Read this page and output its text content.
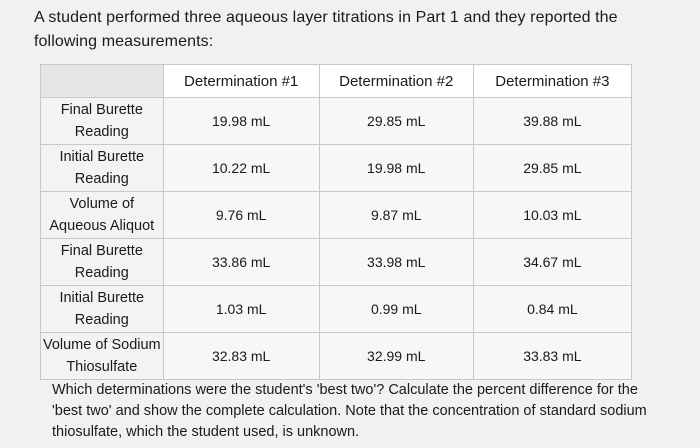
A student performed three aqueous layer titrations in Part 1 and they reported the following measurements:
	Determination #1	Determination #2	Determination #3
Final Burette Reading	19.98 mL	29.85 mL	39.88 mL
Initial Burette Reading	10.22 mL	19.98 mL	29.85 mL
Volume of Aqueous Aliquot	9.76 mL	9.87 mL	10.03 mL
Final Burette Reading	33.86 mL	33.98 mL	34.67 mL
Initial Burette Reading	1.03 mL	0.99 mL	0.84 mL
Volume of Sodium Thiosulfate	32.83 mL	32.99 mL	33.83 mL
Which determinations were the student's 'best two'? Calculate the percent difference for the 'best two' and show the complete calculation. Note that the concentration of standard sodium thiosulfate, which the student used, is unknown.
